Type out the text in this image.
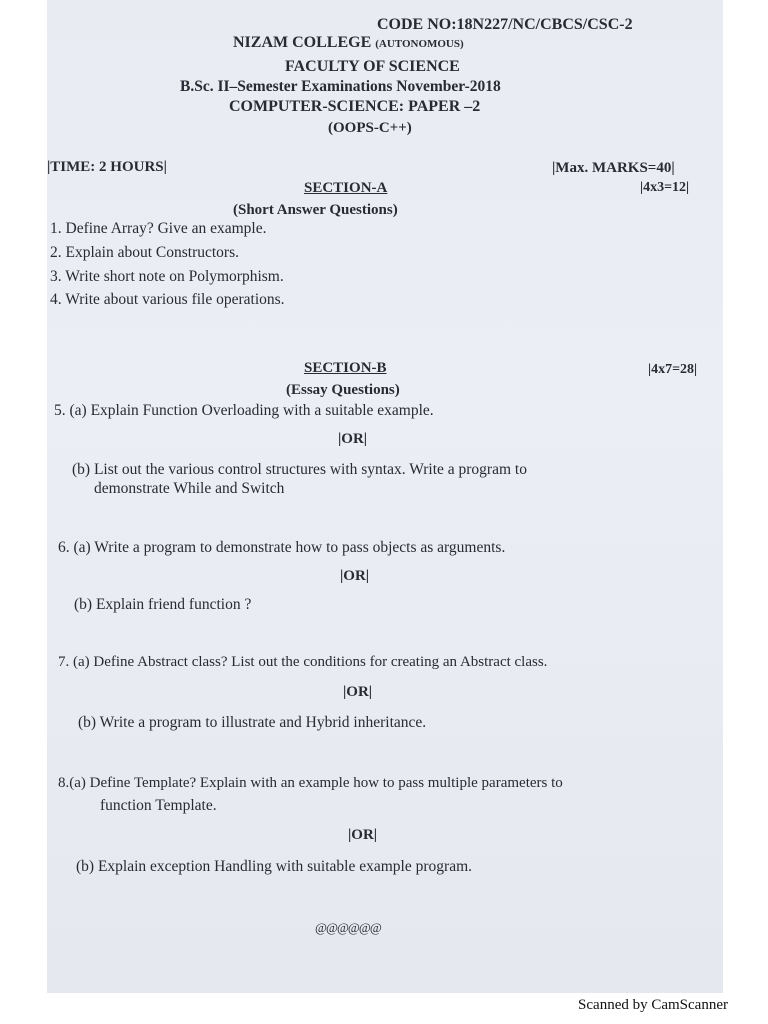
CODE NO:18N227/NC/CBCS/CSC-2
NIZAM COLLEGE (AUTONOMOUS)
FACULTY OF SCIENCE
B.Sc. II–Semester Examinations November-2018
COMPUTER-SCIENCE: PAPER –2
(OOPS-C++)
|TIME: 2 HOURS|	|Max. MARKS=40|
SECTION-A	|4x3=12|
(Short Answer Questions)
1. Define Array? Give an example.
2. Explain about Constructors.
3. Write short note on Polymorphism.
4. Write about various file operations.
SECTION-B	|4x7=28|
(Essay Questions)
5. (a) Explain Function Overloading with a suitable example.
|OR|
(b) List out the various control structures with syntax. Write a program to
demonstrate While and Switch
6. (a) Write a program to demonstrate how to pass objects as arguments.
|OR|
(b) Explain friend function ?
7. (a) Define Abstract class? List out the conditions for creating an Abstract class.
|OR|
(b) Write a program to illustrate and Hybrid inheritance.
8.(a) Define Template? Explain with an example how to pass multiple parameters to
function Template.
|OR|
(b) Explain exception Handling with suitable example program.
@@@@@@
Scanned by CamScanner
